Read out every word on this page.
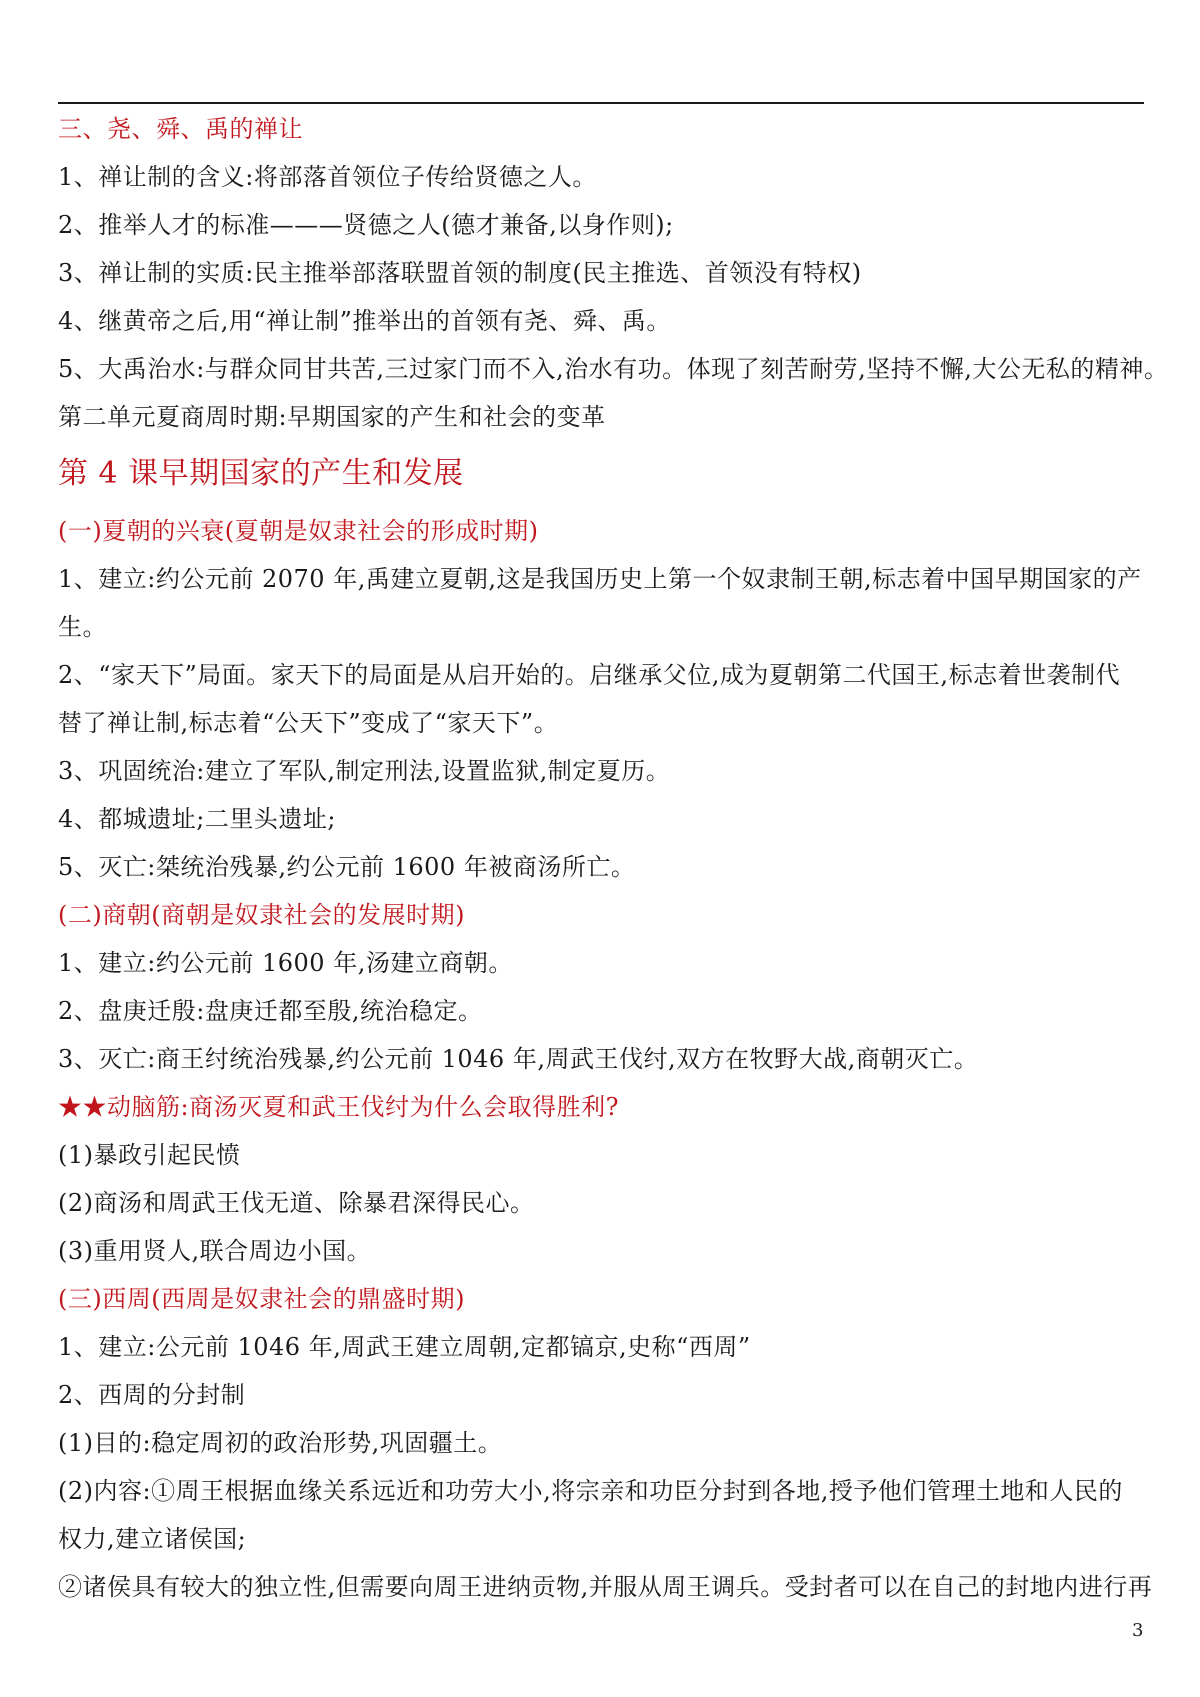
三、尧、舜、禹的禅让
1、禅让制的含义:将部落首领位子传给贤德之人。
2、推举人才的标准———贤德之人(德才兼备,以身作则);
3、禅让制的实质:民主推举部落联盟首领的制度(民主推选、首领没有特权)
4、继黄帝之后,用“禅让制”推举出的首领有尧、舜、禹。
5、大禹治水:与群众同甘共苦,三过家门而不入,治水有功。体现了刻苦耐劳,坚持不懈,大公无私的精神。
第二单元夏商周时期:早期国家的产生和社会的变革
第 4 课早期国家的产生和发展
(一)夏朝的兴衰(夏朝是奴隶社会的形成时期)
1、建立:约公元前 2070 年,禹建立夏朝,这是我国历史上第一个奴隶制王朝,标志着中国早期国家的产
生。
2、“家天下”局面。家天下的局面是从启开始的。启继承父位,成为夏朝第二代国王,标志着世袭制代
替了禅让制,标志着“公天下”变成了“家天下”。
3、巩固统治:建立了军队,制定刑法,设置监狱,制定夏历。
4、都城遗址;二里头遗址;
5、灭亡:桀统治残暴,约公元前 1600 年被商汤所亡。
(二)商朝(商朝是奴隶社会的发展时期)
1、建立:约公元前 1600 年,汤建立商朝。
2、盘庚迁殷:盘庚迁都至殷,统治稳定。
3、灭亡:商王纣统治残暴,约公元前 1046 年,周武王伐纣,双方在牧野大战,商朝灭亡。
★★动脑筋:商汤灭夏和武王伐纣为什么会取得胜利?
(1)暴政引起民愤
(2)商汤和周武王伐无道、除暴君深得民心。
(3)重用贤人,联合周边小国。
(三)西周(西周是奴隶社会的鼎盛时期)
1、建立:公元前 1046 年,周武王建立周朝,定都镐京,史称“西周”
2、西周的分封制
(1)目的:稳定周初的政治形势,巩固疆土。
(2)内容:①周王根据血缘关系远近和功劳大小,将宗亲和功臣分封到各地,授予他们管理土地和人民的
权力,建立诸侯国;
②诸侯具有较大的独立性,但需要向周王进纳贡物,并服从周王调兵。受封者可以在自己的封地内进行再
3
